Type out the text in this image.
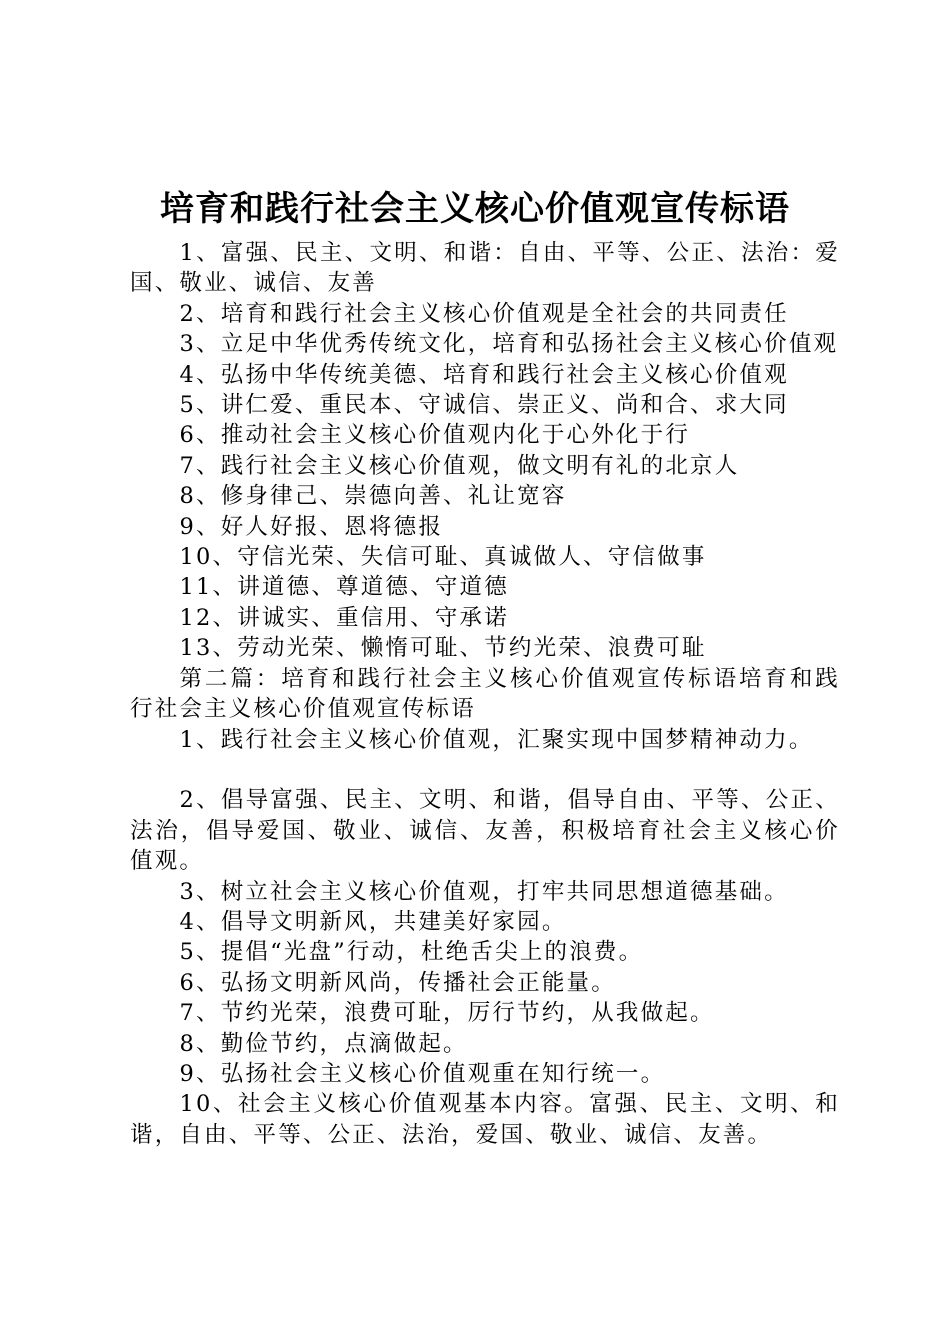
培育和践行社会主义核心价值观宣传标语

1、富强、民主、文明、和谐：自由、平等、公正、法治：爱国、敬业、诚信、友善

2、培育和践行社会主义核心价值观是全社会的共同责任

3、立足中华优秀传统文化，培育和弘扬社会主义核心价值观

4、弘扬中华传统美德、培育和践行社会主义核心价值观

5、讲仁爱、重民本、守诚信、崇正义、尚和合、求大同

6、推动社会主义核心价值观内化于心外化于行

7、践行社会主义核心价值观，做文明有礼的北京人

8、修身律己、崇德向善、礼让宽容

9、好人好报、恩将德报

10、守信光荣、失信可耻、真诚做人、守信做事

11、讲道德、尊道德、守道德

12、讲诚实、重信用、守承诺

13、劳动光荣、懒惰可耻、节约光荣、浪费可耻

第二篇：培育和践行社会主义核心价值观宣传标语培育和践行社会主义核心价值观宣传标语

1、践行社会主义核心价值观，汇聚实现中国梦精神动力。

2、倡导富强、民主、文明、和谐，倡导自由、平等、公正、法治，倡导爱国、敬业、诚信、友善，积极培育社会主义核心价值观。

3、树立社会主义核心价值观，打牢共同思想道德基础。

4、倡导文明新风，共建美好家园。

5、提倡“光盘”行动，杜绝舌尖上的浪费。

6、弘扬文明新风尚，传播社会正能量。

7、节约光荣，浪费可耻，厉行节约，从我做起。

8、勤俭节约，点滴做起。

9、弘扬社会主义核心价值观重在知行统一。

10、社会主义核心价值观基本内容。富强、民主、文明、和谐，自由、平等、公正、法治，爱国、敬业、诚信、友善。
